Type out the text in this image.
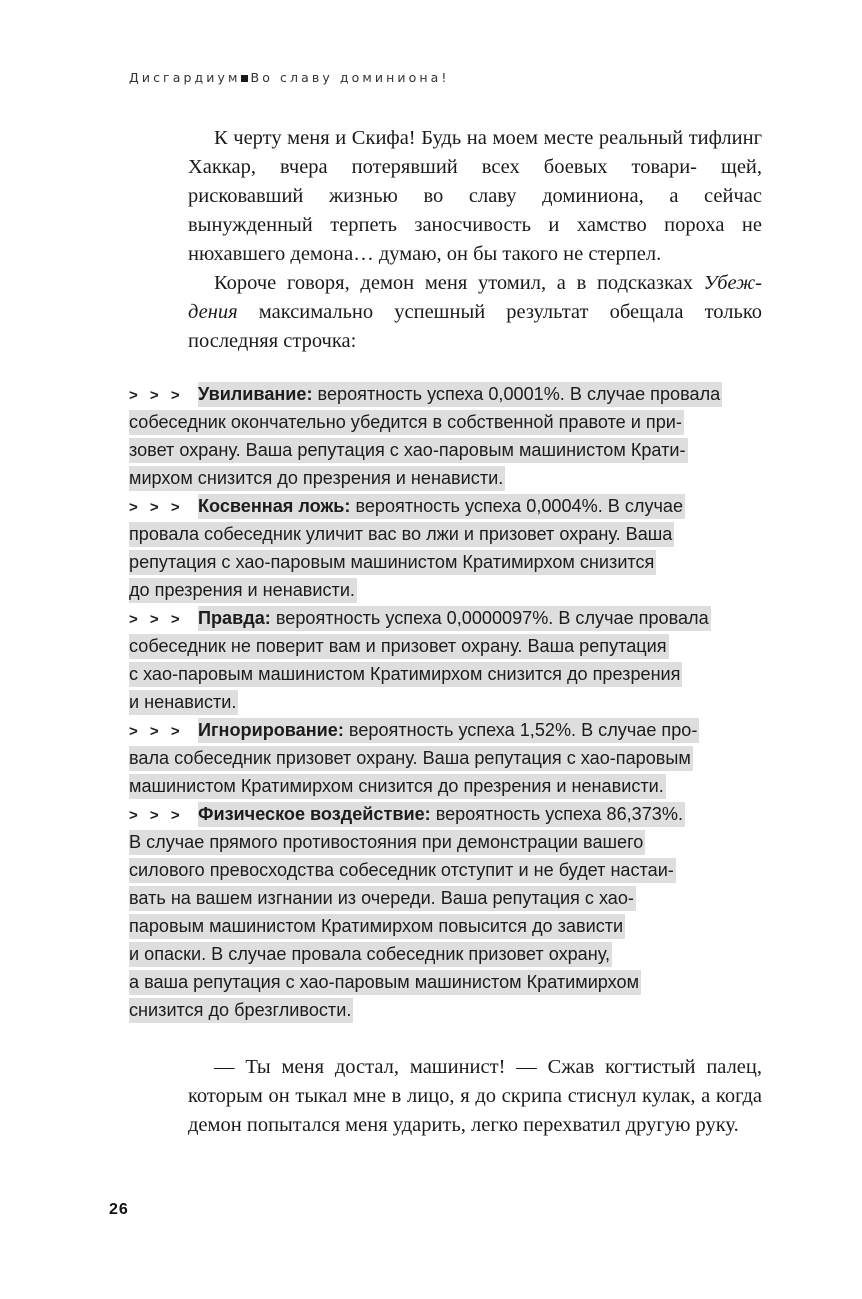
Дисгардиум Во славу доминиона!

К черту меня и Скифа! Будь на моем месте реальный тифлинг Хаккар, вчера потерявший всех боевых товари- щей, рисковавший жизнью во славу доминиона, а сейчас вынужденный терпеть заносчивость и хамство пороха не нюхавшего демона… думаю, он бы такого не стерпел.

Короче говоря, демон меня утомил, а в подсказках Убеж- дения максимально успешный результат обещала только последняя строчка:

> > > Увиливание: вероятность успеха 0,0001%. В случае провала
собеседник окончательно убедится в собственной правоте и при-
зовет охрану. Ваша репутация с хао-паровым машинистом Крати-
мирхом снизится до презрения и ненависти.
> > > Косвенная ложь: вероятность успеха 0,0004%. В случае
провала собеседник уличит вас во лжи и призовет охрану. Ваша
репутация с хао-паровым машинистом Кратимирхом снизится
до презрения и ненависти.
> > > Правда: вероятность успеха 0,0000097%. В случае провала
собеседник не поверит вам и призовет охрану. Ваша репутация
с хао-паровым машинистом Кратимирхом снизится до презрения
и ненависти.
> > > Игнорирование: вероятность успеха 1,52%. В случае про-
вала собеседник призовет охрану. Ваша репутация с хао-паровым
машинистом Кратимирхом снизится до презрения и ненависти.
> > > Физическое воздействие: вероятность успеха 86,373%.
В случае прямого противостояния при демонстрации вашего
силового превосходства собеседник отступит и не будет настаи-
вать на вашем изгнании из очереди. Ваша репутация с хао-
паровым машинистом Кратимирхом повысится до зависти
и опаски. В случае провала собеседник призовет охрану,
а ваша репутация с хао-паровым машинистом Кратимирхом
снизится до брезгливости.

— Ты меня достал, машинист! — Сжав когтистый палец, которым он тыкал мне в лицо, я до скрипа стиснул кулак, а когда демон попытался меня ударить, легко перехватил другую руку.

26
